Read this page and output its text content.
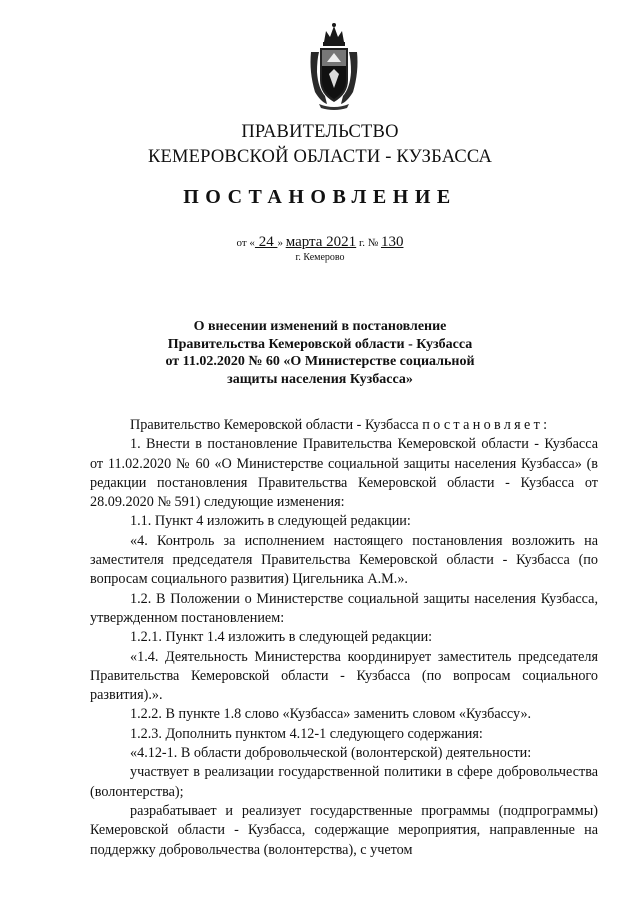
ПРАВИТЕЛЬСТВО
КЕМЕРОВСКОЙ ОБЛАСТИ - КУЗБАССА
ПОСТАНОВЛЕНИЕ
от « 24 » марта 2021 г. № 130
г. Кемерово
О внесении изменений в постановление
Правительства Кемеровской области - Кузбасса
от 11.02.2020 № 60 «О Министерстве социальной
защиты населения Кузбасса»

Правительство Кемеровской области - Кузбасса постановляет:

1. Внести в постановление Правительства Кемеровской области - Кузбасса от 11.02.2020 № 60 «О Министерстве социальной защиты населения Кузбасса» (в редакции постановления Правительства Кемеровской области - Кузбасса от 28.09.2020 № 591) следующие изменения:

1.1. Пункт 4 изложить в следующей редакции:

«4. Контроль за исполнением настоящего постановления возложить на заместителя председателя Правительства Кемеровской области - Кузбасса (по вопросам социального развития) Цигельника А.М.».

1.2. В Положении о Министерстве социальной защиты населения Кузбасса, утвержденном постановлением:

1.2.1. Пункт 1.4 изложить в следующей редакции:

«1.4. Деятельность Министерства координирует заместитель председателя Правительства Кемеровской области - Кузбасса (по вопросам социального развития).».

1.2.2. В пункте 1.8 слово «Кузбасса» заменить словом «Кузбассу».

1.2.3. Дополнить пунктом 4.12-1 следующего содержания:

«4.12-1. В области добровольческой (волонтерской) деятельности:

участвует в реализации государственной политики в сфере добровольчества (волонтерства);

разрабатывает и реализует государственные программы (подпрограммы) Кемеровской области - Кузбасса, содержащие мероприятия, направленные на поддержку добровольчества (волонтерства), с учетом
